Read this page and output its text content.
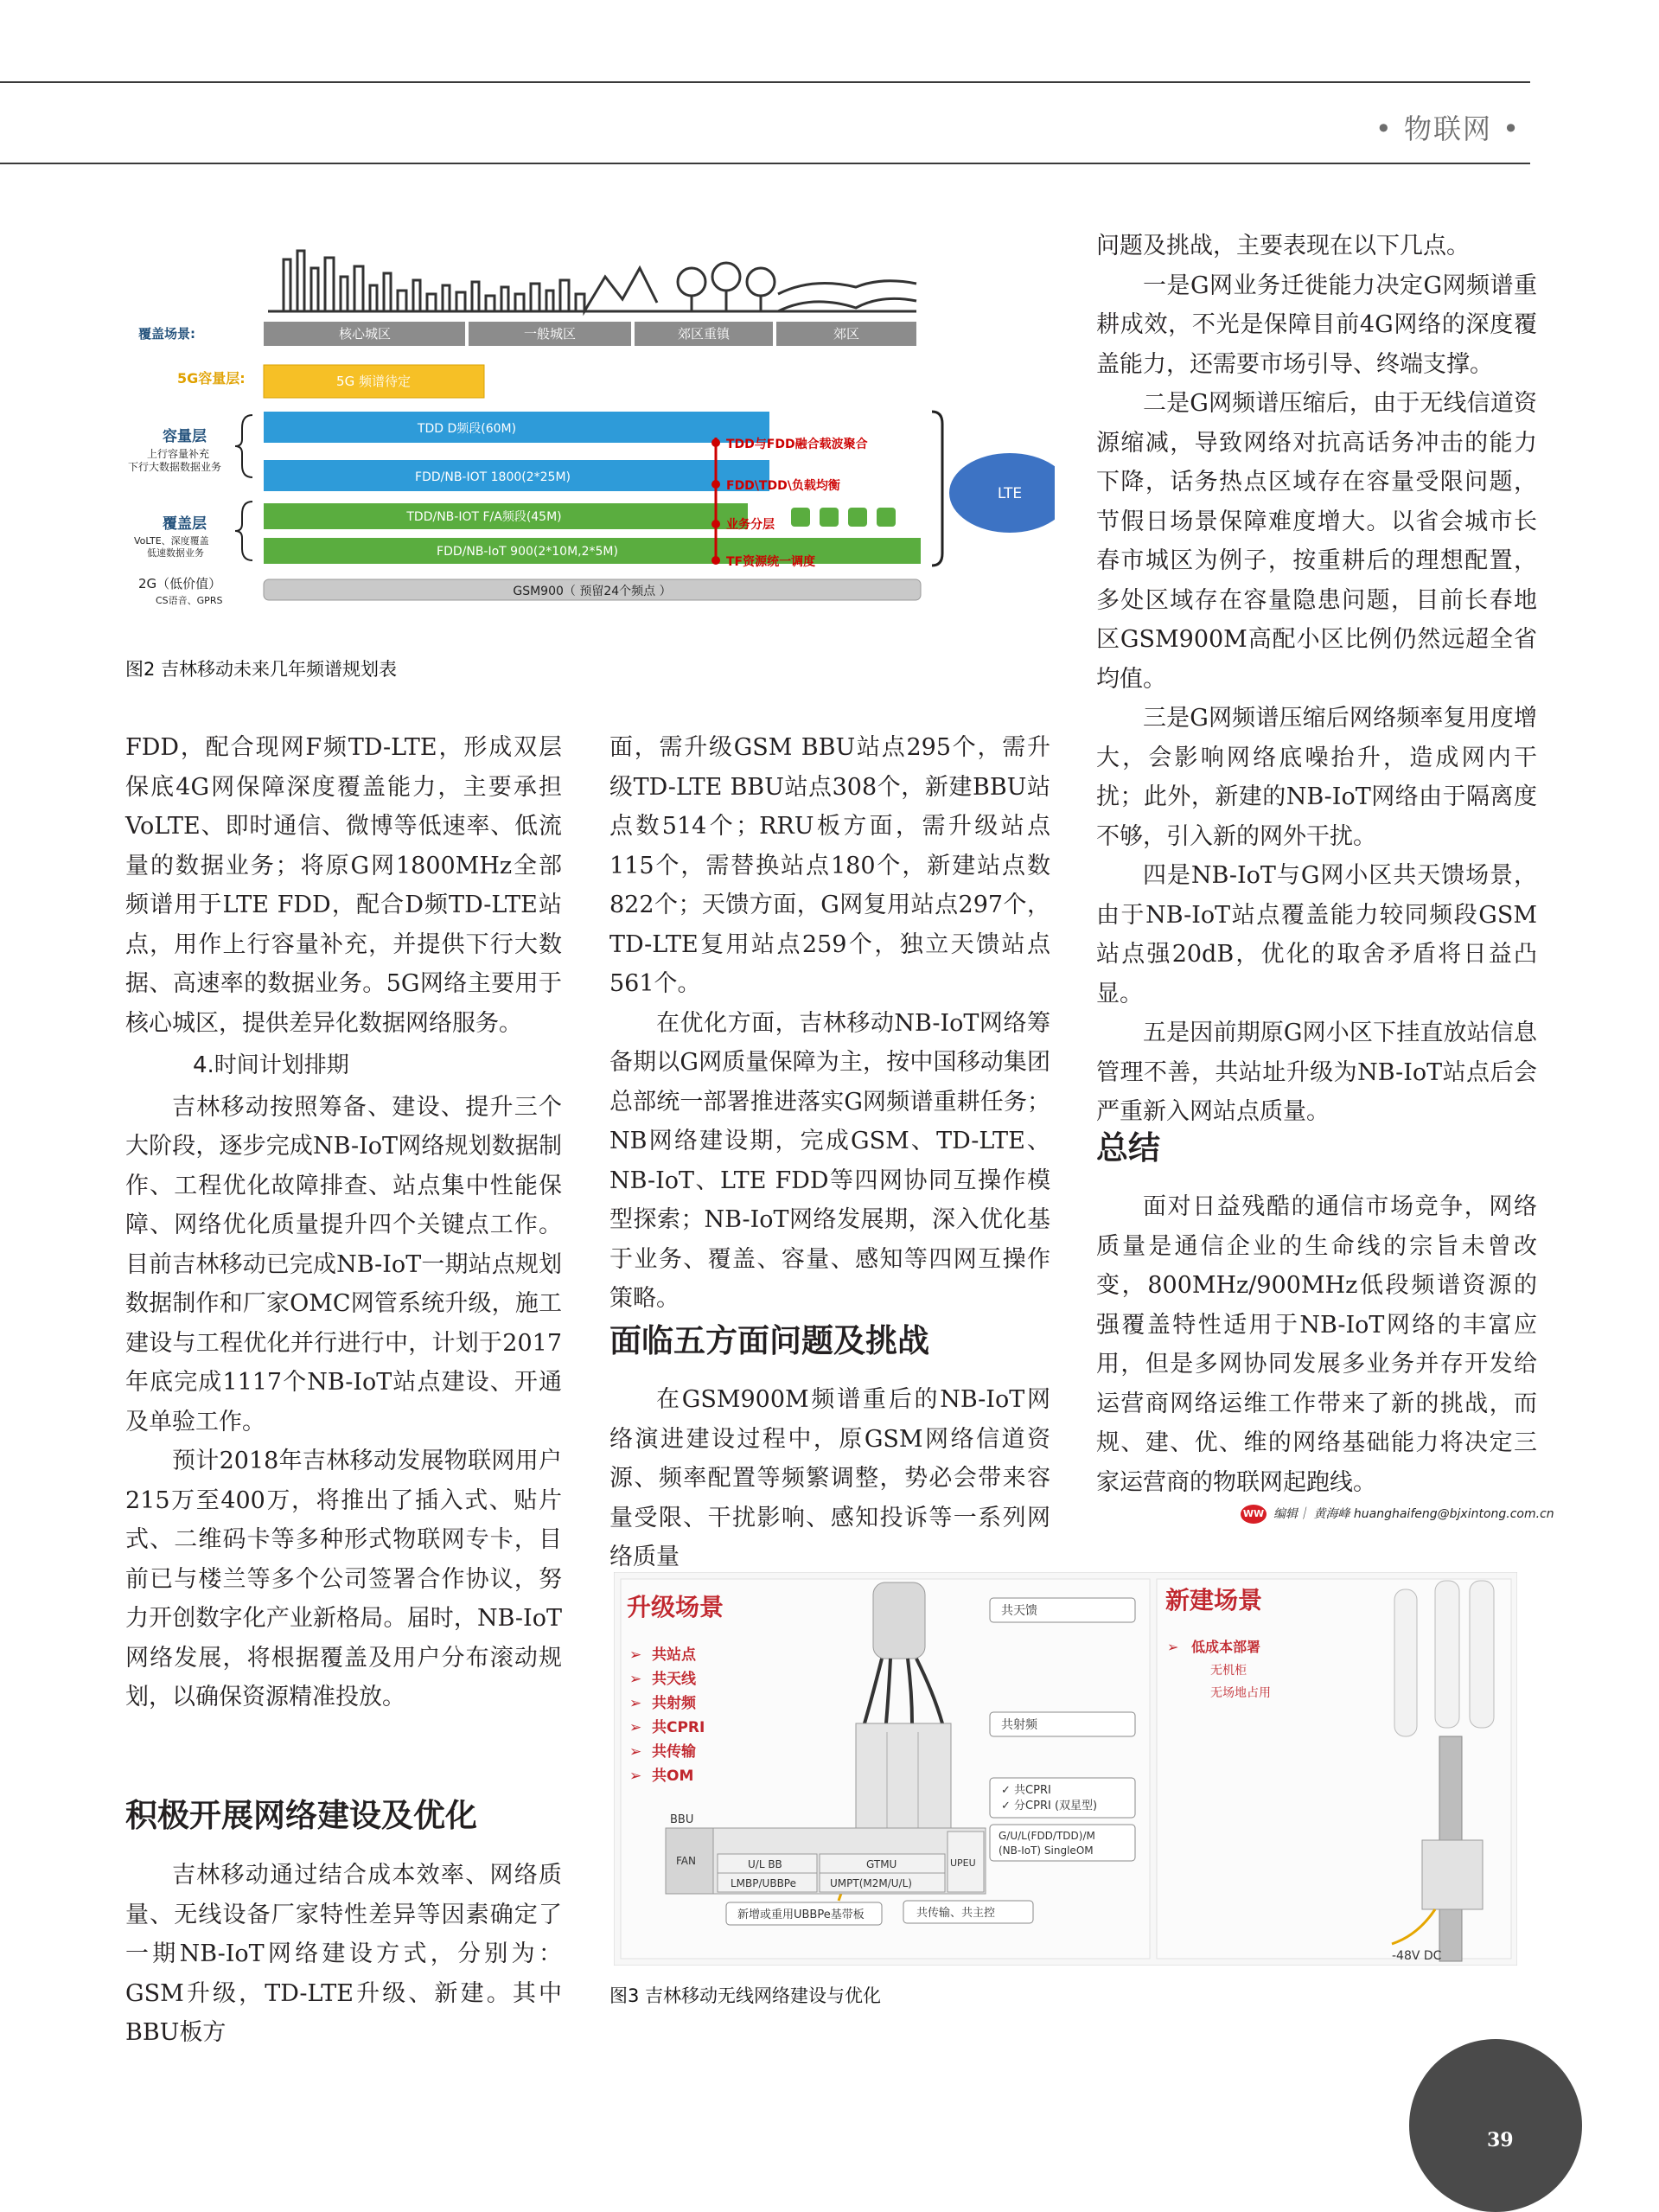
• 物联网 •
覆盖场景:	核心城区	一般城区	郊区重镇	郊区
5G容量层:	5G 频谱待定
容量层
上行容量补充
下行大数据数据业务
TDD D频段(60M)
FDD/NB-IOT 1800(2*25M)
覆盖层
VoLTE、深度覆盖
低速数据业务
TDD/NB-IOT F/A频段(45M)
FDD/NB-IoT 900(2*10M,2*5M)
TDD与FDD融合载波聚合
FDD\TDD\负载均衡
业务分层
TF资源统一调度
LTE
2G（低价值）
CS语音、GPRS
GSM900（ 预留24个频点 ）
图2 吉林移动未来几年频谱规划表

FDD，配合现网F频TD-LTE，形成双层保底4G网保障深度覆盖能力，主要承担VoLTE、即时通信、微博等低速率、低流量的数据业务；将原G网1800MHz全部频谱用于LTE FDD，配合D频TD-LTE站点，用作上行容量补充，并提供下行大数据、高速率的数据业务。5G网络主要用于核心城区，提供差异化数据网络服务。

4.时间计划排期

吉林移动按照筹备、建设、提升三个大阶段，逐步完成NB-IoT网络规划数据制作、工程优化故障排查、站点集中性能保障、网络优化质量提升四个关键点工作。目前吉林移动已完成NB-IoT一期站点规划数据制作和厂家OMC网管系统升级，施工建设与工程优化并行进行中，计划于2017年底完成1117个NB-IoT站点建设、开通及单验工作。

预计2018年吉林移动发展物联网用户215万至400万，将推出了插入式、贴片式、二维码卡等多种形式物联网专卡，目前已与楼兰等多个公司签署合作协议，努力开创数字化产业新格局。届时，NB-IoT网络发展，将根据覆盖及用户分布滚动规划，以确保资源精准投放。

积极开展网络建设及优化

吉林移动通过结合成本效率、网络质量、无线设备厂家特性差异等因素确定了一期NB-IoT网络建设方式，分别为：GSM升级，TD-LTE升级、新建。其中BBU板方

面，需升级GSM BBU站点295个，需升级TD-LTE BBU站点308个，新建BBU站点数514个；RRU板方面，需升级站点115个，需替换站点180个，新建站点数822个；天馈方面，G网复用站点297个，TD-LTE复用站点259个，独立天馈站点561个。

在优化方面，吉林移动NB-IoT网络筹备期以G网质量保障为主，按中国移动集团总部统一部署推进落实G网频谱重耕任务；NB网络建设期，完成GSM、TD-LTE、NB-IoT、LTE FDD等四网协同互操作模型探索；NB-IoT网络发展期，深入优化基于业务、覆盖、容量、感知等四网互操作策略。

面临五方面问题及挑战

在GSM900M频谱重后的NB-IoT网络演进建设过程中，原GSM网络信道资源、频率配置等频繁调整，势必会带来容量受限、干扰影响、感知投诉等一系列网络质量

问题及挑战，主要表现在以下几点。

一是G网业务迁徙能力决定G网频谱重耕成效，不光是保障目前4G网络的深度覆盖能力，还需要市场引导、终端支撑。

二是G网频谱压缩后，由于无线信道资源缩减，导致网络对抗高话务冲击的能力下降，话务热点区域存在容量受限问题，节假日场景保障难度增大。以省会城市长春市城区为例子，按重耕后的理想配置，多处区域存在容量隐患问题，目前长春地区GSM900M高配小区比例仍然远超全省均值。

三是G网频谱压缩后网络频率复用度增大，会影响网络底噪抬升，造成网内干扰；此外，新建的NB-IoT网络由于隔离度不够，引入新的网外干扰。

四是NB-IoT与G网小区共天馈场景，由于NB-IoT站点覆盖能力较同频段GSM站点强20dB，优化的取舍矛盾将日益凸显。

五是因前期原G网小区下挂直放站信息管理不善，共站址升级为NB-IoT站点后会严重新入网站点质量。

总结

面对日益残酷的通信市场竞争，网络质量是通信企业的生命线的宗旨未曾改变，800MHz/900MHz低段频谱资源的强覆盖特性适用于NB-IoT网络的丰富应用，但是多网协同发展多业务并存开发给运营商网络运维工作带来了新的挑战，而规、建、优、维的网络基础能力将决定三家运营商的物联网起跑线。

WW 编辑｜ 黄海峰 huanghaifeng@bjxintong.com.cn
升级场景
➢ 共站点
➢ 共天线
➢ 共射频
➢ 共CPRI
➢ 共传输
➢ 共OM
共天馈
共射频
✓ 共CPRI
✓ 分CPRI (双星型)
G/U/L(FDD/TDD)/M
(NB-IoT) SingleOM
BBU
FAN	U/L BB
LMBP/UBBPe
GTMU
UMPT(M2M/U/L)
UPEU
新增或重用UBBPe基带板	共传输、共主控
新建场景
➢ 低成本部署
无机柜
无场地占用
-48V DC
图3 吉林移动无线网络建设与优化
39
